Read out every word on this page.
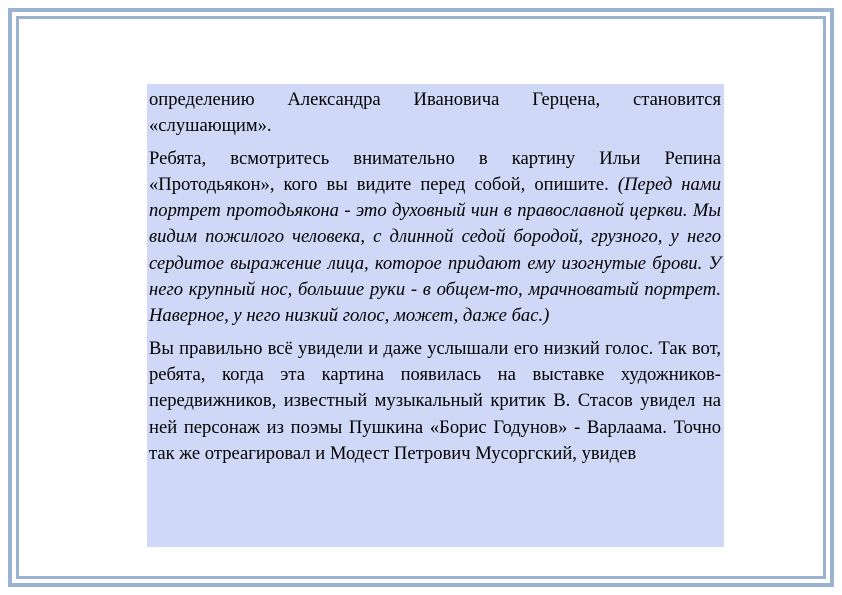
определению Александра Ивановича Герцена, становится «слушающим».

Ребята, всмотритесь внимательно в картину Ильи Репина «Протодьякон», кого вы видите перед собой, опишите. (Перед нами портрет протодьякона - это духовный чин в православной церкви. Мы видим пожилого человека, с длинной седой бородой, грузного, у него сердитое выражение лица, которое придают ему изогнутые брови. У него крупный нос, большие руки - в общем-то, мрачноватый портрет. Наверное, у него низкий голос, может, даже бас.)

Вы правильно всё увидели и даже услышали его низкий голос. Так вот, ребята, когда эта картина появилась на выставке художников-передвижников, известный музыкальный критик В. Стасов увидел на ней персонаж из поэмы Пушкина «Борис Годунов» - Варлаама. Точно так же отреагировал и Модест Петрович Мусоргский, увидев
